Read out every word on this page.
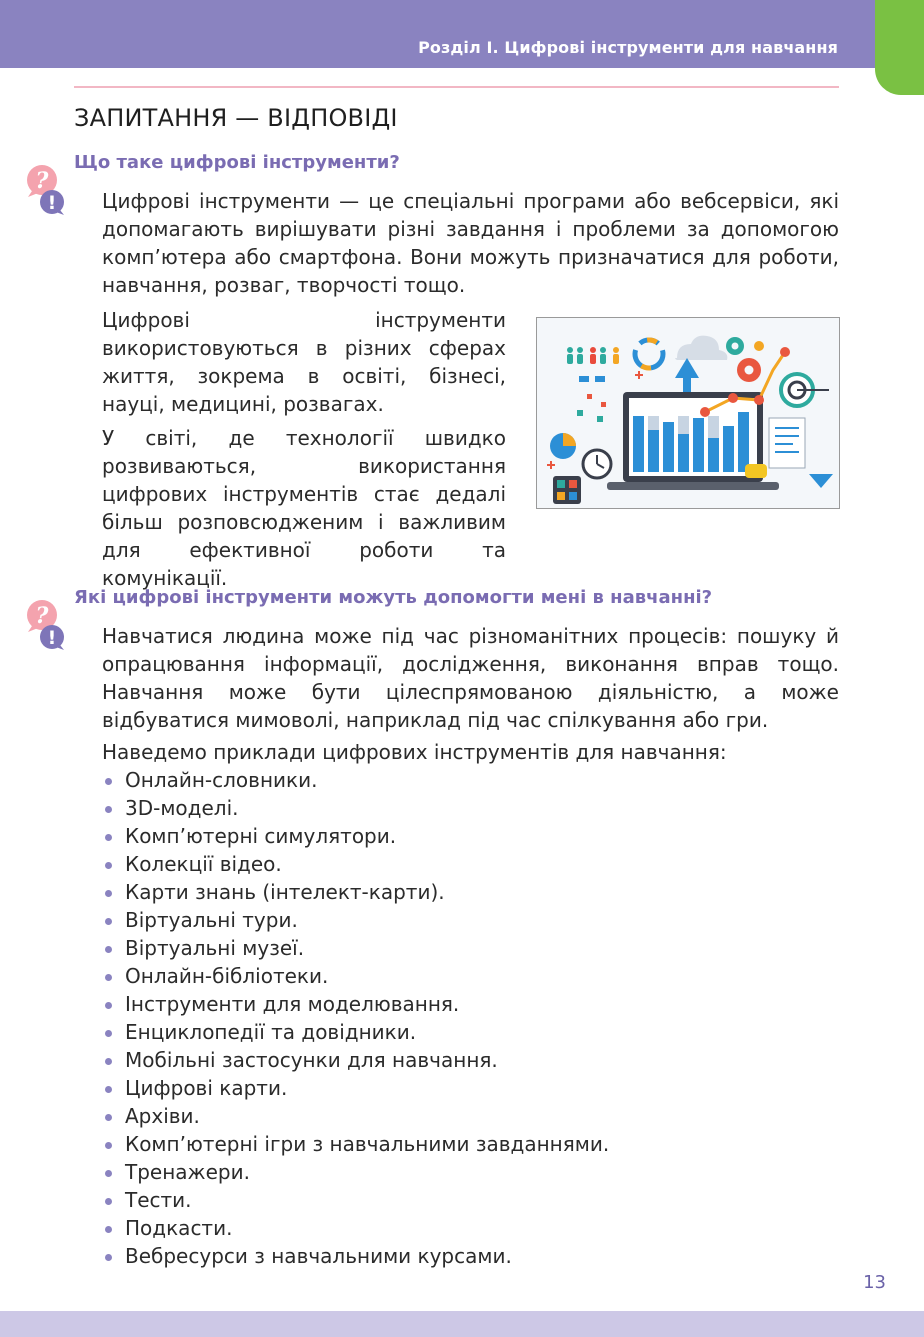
Розділ І. Цифрові інструменти для навчання
ЗАПИТАННЯ — ВІДПОВІДІ
?
!
Що таке цифрові інструменти?

Цифрові інструменти — це спеціальні програми або вебсервіси, які допомагають вирішувати різні завдання і проблеми за допомогою комп’ютера або смартфона. Вони можуть призначатися для роботи, навчання, розваг, творчості тощо.

Цифрові інструменти використовуються в різних сферах життя, зокрема в освіті, бізнесі, науці, медицині, розвагах.

У світі, де технології швидко розвиваються, використання цифрових інструментів стає дедалі більш розповсюдженим і важливим для ефективної роботи та комунікації.

?
!
Які цифрові інструменти можуть допомогти мені в навчанні?

Навчатися людина може під час різноманітних процесів: пошуку й опрацювання інформації, дослідження, виконання вправ тощо. Навчання може бути цілеспрямованою діяльністю, а може відбуватися мимоволі, наприклад під час спілкування або гри.

Наведемо приклади цифрових інструментів для навчання:

Онлайн-словники.
3D-моделі.
Комп’ютерні симулятори.
Колекції відео.
Карти знань (інтелект-карти).
Віртуальні тури.
Віртуальні музеї.
Онлайн-бібліотеки.
Інструменти для моделювання.
Енциклопедії та довідники.
Мобільні застосунки для навчання.
Цифрові карти.
Архіви.
Комп’ютерні ігри з навчальними завданнями.
Тренажери.
Тести.
Подкасти.
Вебресурси з навчальними курсами.
13
